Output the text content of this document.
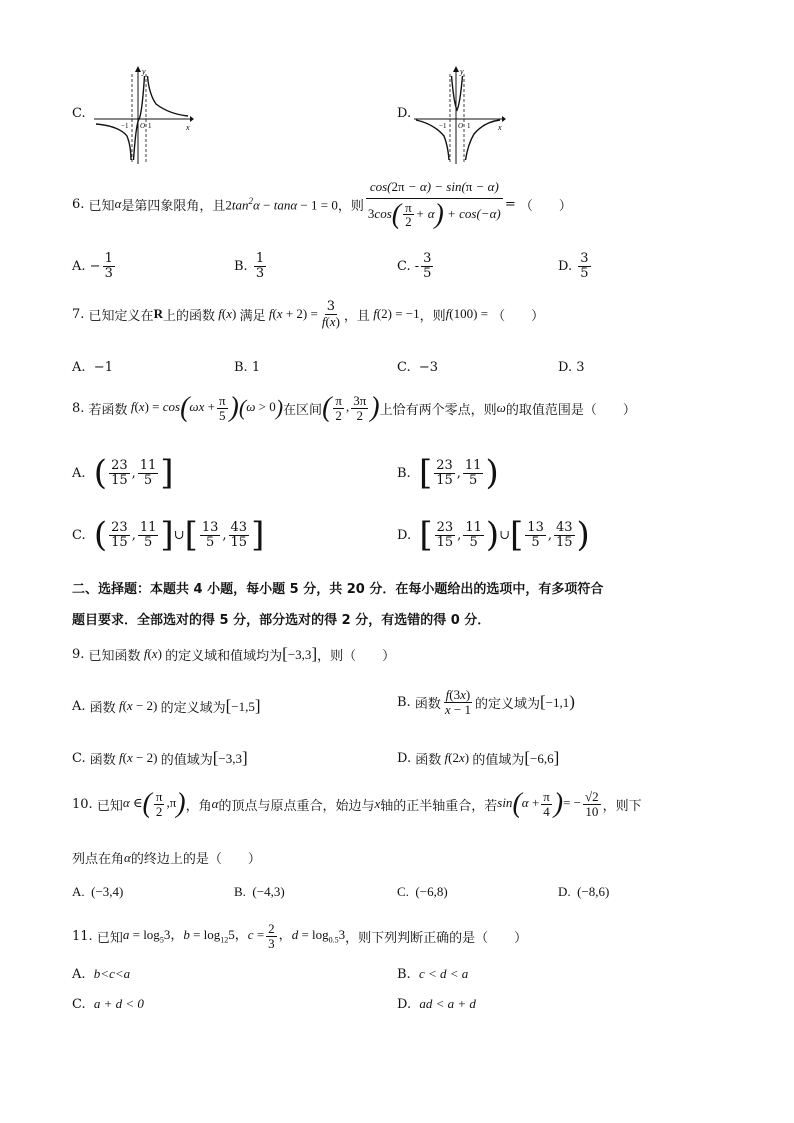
C.
y
x
−1 O 1
D.
y
x
−1 O 1
6.
已知 α 是第四象限角，且 $2\tan^2\alpha - \tan\alpha - 1 = 0$ ，则 $\frac{\cos(2\pi - \alpha) - \sin(\pi - \alpha)}{3\cos( \frac{\pi}{2} + \alpha) + \cos(-\alpha)}$ =
（　　）
A.
− $\frac{1}{3}$	B.
$\frac{1}{3}$	C.
- $\frac{3}{5}$	D.
$\frac{3}{5}$
7.
已知定义在 R 上的函数 f(x) 满足 $f(x + 2) = \frac{3}{f(x)}$ ，且 f(2) = −1 ，则 f(100) =
（　　）
A. −1	B. 1	C. −3	D. 3
8.
若函数 $f(x) = \cos(\omega x + \frac{\pi}{5} )(\omega > 0)$ 在区间 ( $\frac{\pi}{2}$ , $\frac{3\pi}{2}$ ) 上恰有两个零点，则 ω 的取值范围是（　　）
A.
( $\frac{23}{15}$ , $\frac{11}{5}$ ]	B.
[ $\frac{23}{15}$ , $\frac{11}{5}$ )
C.
( $\frac{23}{15}$ , $\frac{11}{5}$ ] ∪ [ $\frac{13}{5}$ , $\frac{43}{15}$ ]	D.
[ $\frac{23}{15}$ , $\frac{11}{5}$ ) ∪ [ $\frac{13}{5}$ , $\frac{43}{15}$ )
二、选择题：本题共 4 小题，每小题 5 分，共 20 分．在每小题给出的选项中，有多项符合
题目要求．全部选对的得 5 分，部分选对的得 2 分，有选错的得 0 分．
9.
已知函数 f(x) 的定义域和值域均为 [−3,3] ，则（　　）
A.
函数 f(x − 2) 的定义域为 [−1,5]	B.
函数 $\frac{f(3x)}{x - 1}$ 的定义域为 [−1,1)
C.
函数 f(x − 2) 的值域为 [−3,3]	D.
函数 f(2x) 的值域为 [−6,6]
10.
已知 α ∈( $\frac{\pi}{2} ,\pi$) ，角 α 的顶点与原点重合，始边与 x 轴的正半轴重合，若 $\sin(\alpha + \frac{\pi}{4}$ )= − $\frac{√2}{10}$ ，则下
列点在角 α 的终边上的是（　　）
A. (−3,4)	B. (−4,3)	C. (−6,8)	D. (−8,6)
11.
已知 $a = \log_53$，$b = \log_{12}5$，$c = \frac{2}{3}$ ，$d = \log_{0.5}3$ ，则下列判断正确的是（　　）
A. b<c<a	B. c < d < a
C. a + d < 0	D. ad < a + d
